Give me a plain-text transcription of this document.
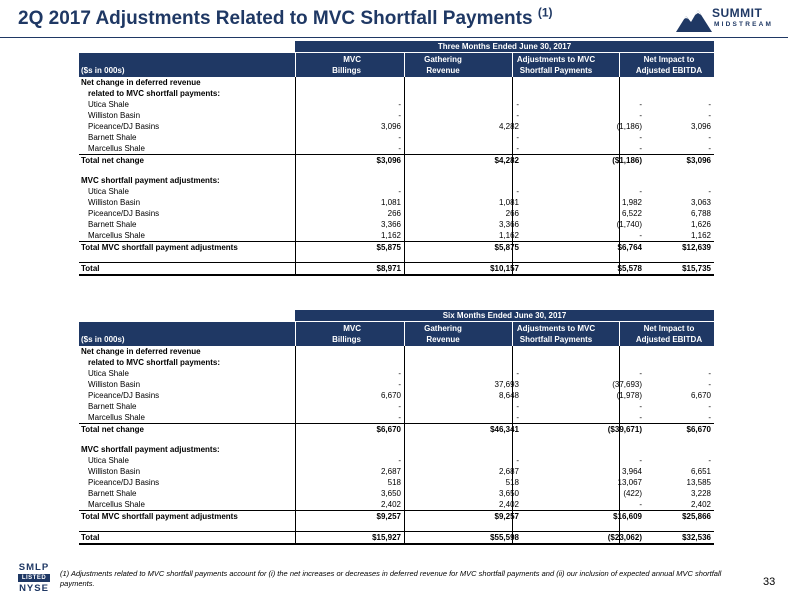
2Q 2017 Adjustments Related to MVC Shortfall Payments $^{(1)}$	SUMMIT
MIDSTREAM
Three Months Ended June 30, 2017
($s in 000s)
MVC
Billings
Gathering
Revenue
Adjustments to MVC
Shortfall Payments
Net Impact to
Adjusted EBITDA
Net change in deferred revenue
related to MVC shortfall payments:
Utica Shale	-	-	-	-
Williston Basin	-	-	-	-
Piceance/DJ Basins	3,096	4,282	(1,186)	3,096
Barnett Shale	-	-	-	-
Marcellus Shale	-	-	-	-
Total net change	$3,096	$4,282	($1,186)	$3,096
MVC shortfall payment adjustments:
Utica Shale	-	-	-	-
Williston Basin	1,081	1,081	1,982	3,063
Piceance/DJ Basins	266	266	6,522	6,788
Barnett Shale	3,366	3,366	(1,740)	1,626
Marcellus Shale	1,162	1,162	-	1,162
Total MVC shortfall payment adjustments	$5,875	$5,875	$6,764	$12,639
Total	$8,971	$10,157	$5,578	$15,735
Six Months Ended June 30, 2017
($s in 000s)
MVC
Billings
Gathering
Revenue
Adjustments to MVC
Shortfall Payments
Net Impact to
Adjusted EBITDA
Net change in deferred revenue
related to MVC shortfall payments:
Utica Shale	-	-	-	-
Williston Basin	-	37,693	(37,693)	-
Piceance/DJ Basins	6,670	8,648	(1,978)	6,670
Barnett Shale	-	-	-	-
Marcellus Shale	-	-	-	-
Total net change	$6,670	$46,341	($39,671)	$6,670
MVC shortfall payment adjustments:
Utica Shale	-	-	-	-
Williston Basin	2,687	2,687	3,964	6,651
Piceance/DJ Basins	518	518	13,067	13,585
Barnett Shale	3,650	3,650	(422)	3,228
Marcellus Shale	2,402	2,402	-	2,402
Total MVC shortfall payment adjustments	$9,257	$9,257	$16,609	$25,866
Total	$15,927	$55,598	($23,062)	$32,536
SMLP
LISTED
NYSE
(1) Adjustments related to MVC shortfall payments account for (i) the net increases or decreases in deferred revenue for MVC shortfall payments and (ii) our inclusion of expected annual MVC shortfall payments.	33
